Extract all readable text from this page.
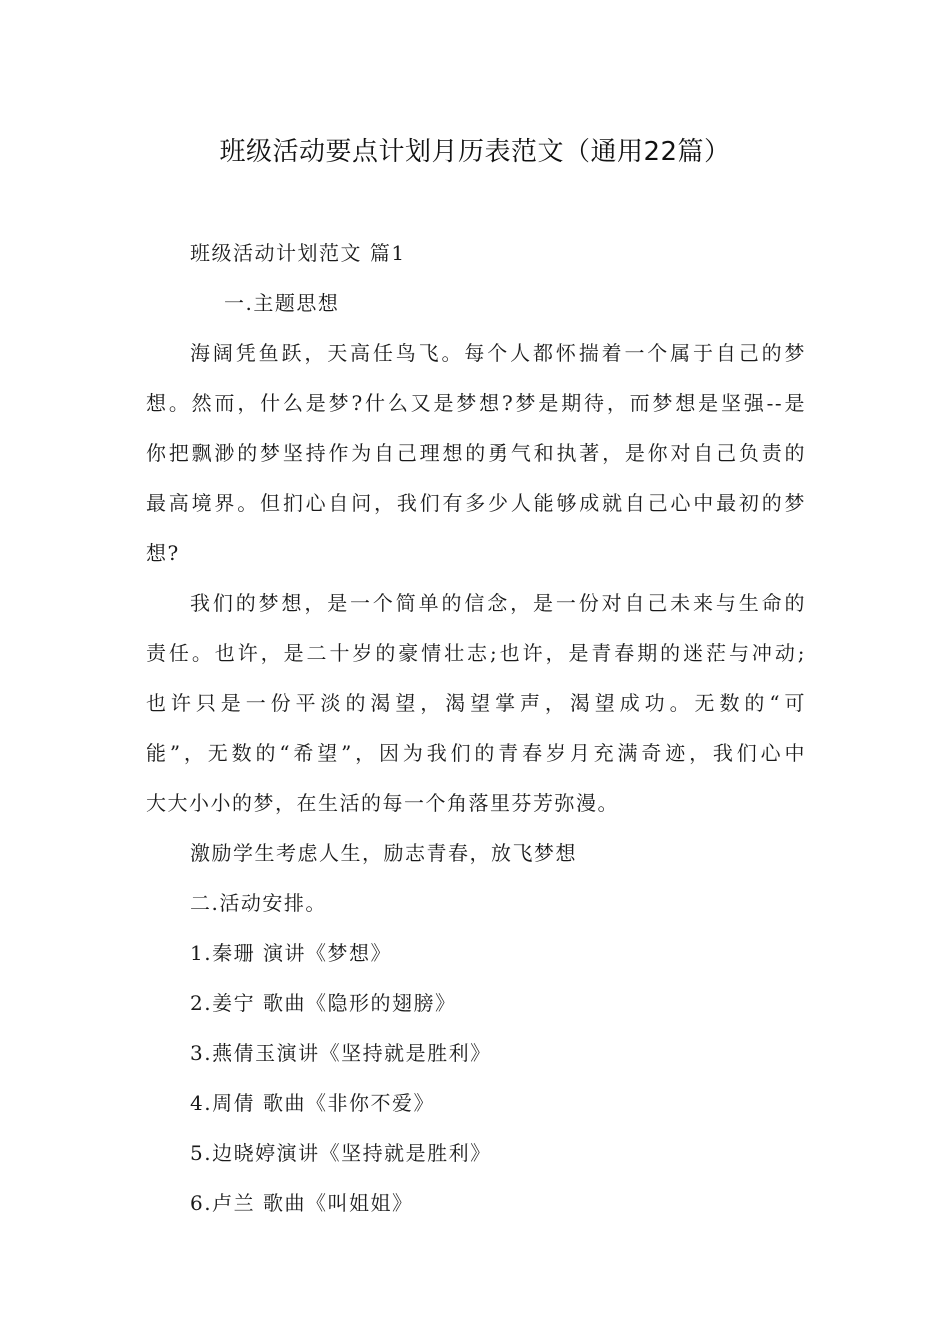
班级活动要点计划月历表范文（通用22篇）
班级活动计划范文 篇1
一.主题思想
海阔凭鱼跃，天高任鸟飞。每个人都怀揣着一个属于自己的梦
想。然而，什么是梦?什么又是梦想?梦是期待，而梦想是坚强--是
你把飘渺的梦坚持作为自己理想的勇气和执著，是你对自己负责的
最高境界。但扪心自问，我们有多少人能够成就自己心中最初的梦
想?
我们的梦想，是一个简单的信念，是一份对自己未来与生命的
责任。也许，是二十岁的豪情壮志;也许，是青春期的迷茫与冲动;
也许只是一份平淡的渴望，渴望掌声，渴望成功。无数的“可
能”，无数的“希望”，因为我们的青春岁月充满奇迹，我们心中
大大小小的梦，在生活的每一个角落里芬芳弥漫。
激励学生考虑人生，励志青春，放飞梦想
二.活动安排。
1.秦珊 演讲《梦想》
2.姜宁 歌曲《隐形的翅膀》
3.燕倩玉演讲《坚持就是胜利》
4.周倩 歌曲《非你不爱》
5.边晓婷演讲《坚持就是胜利》
6.卢兰 歌曲《叫姐姐》
